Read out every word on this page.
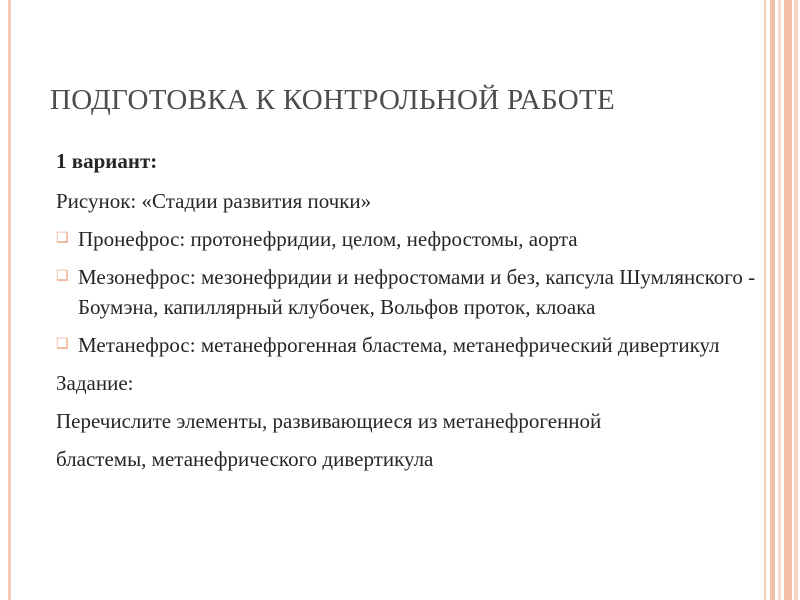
ПОДГОТОВКА К КОНТРОЛЬНОЙ РАБОТЕ

1 вариант:

Рисунок: «Стадии развития почки»

❑ Пронефрос: протонефридии, целом, нефростомы, аорта
❑ Мезонефрос: мезонефридии и нефростомами и без, капсула Шумлянского - Боумэна, капиллярный клубочек, Вольфов проток, клоака
❑ Метанефрос: метанефрогенная бластема, метанефрический дивертикул

Задание:

Перечислите элементы, развивающиеся из метанефрогенной

бластемы, метанефрического дивертикула
